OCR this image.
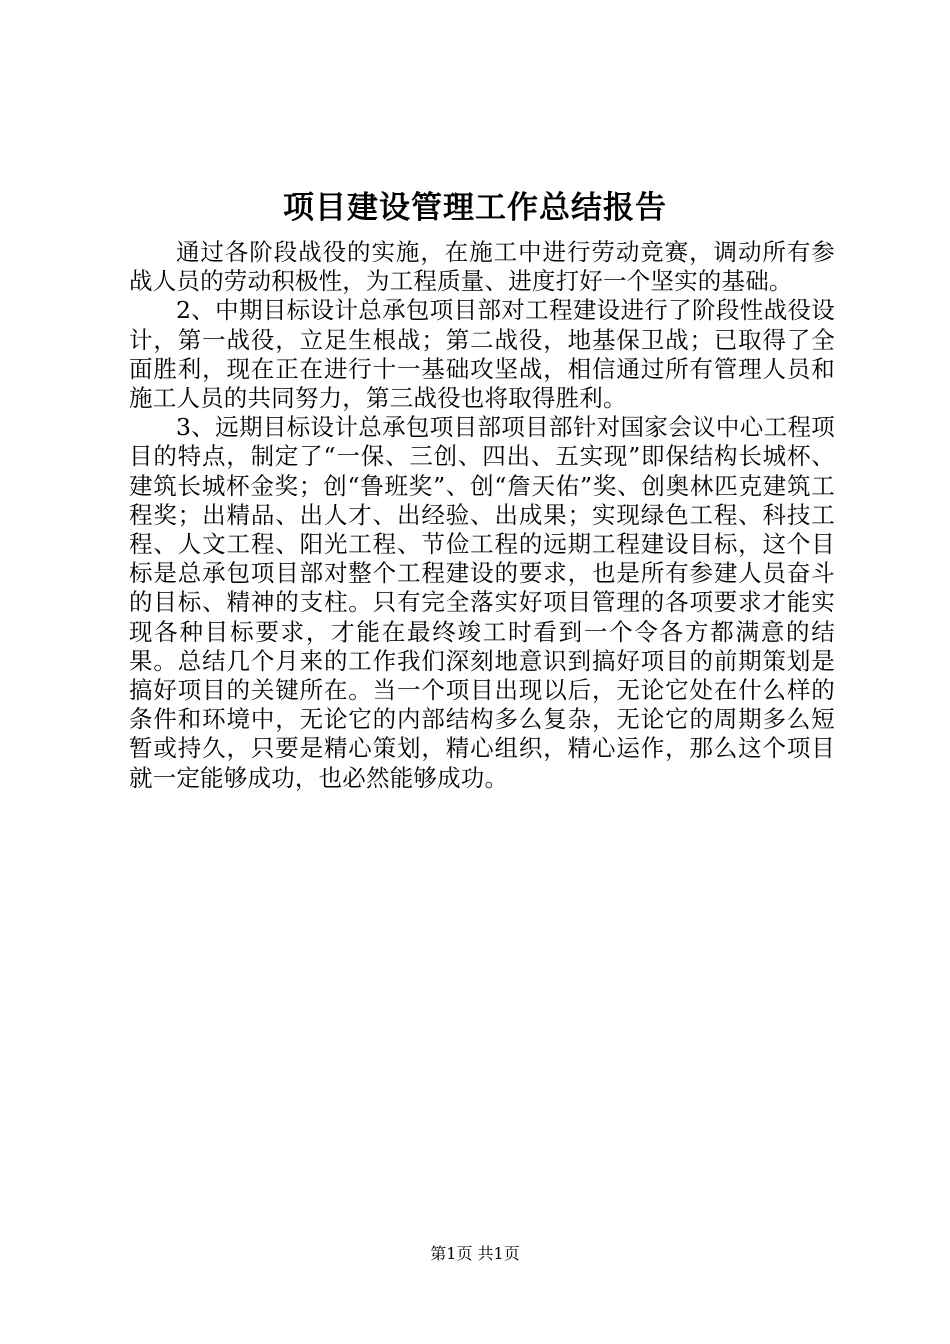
项目建设管理工作总结报告

通过各阶段战役的实施，在施工中进行劳动竞赛，调动所有参战人员的劳动积极性，为工程质量、进度打好一个坚实的基础。

2、中期目标设计总承包项目部对工程建设进行了阶段性战役设计，第一战役，立足生根战；第二战役，地基保卫战；已取得了全面胜利，现在正在进行十一基础攻坚战，相信通过所有管理人员和施工人员的共同努力，第三战役也将取得胜利。

3、远期目标设计总承包项目部项目部针对国家会议中心工程项目的特点，制定了“一保、三创、四出、五实现”即保结构长城杯、建筑长城杯金奖；创“鲁班奖”、创“詹天佑”奖、创奥林匹克建筑工程奖；出精品、出人才、出经验、出成果；实现绿色工程、科技工程、人文工程、阳光工程、节俭工程的远期工程建设目标，这个目标是总承包项目部对整个工程建设的要求，也是所有参建人员奋斗的目标、精神的支柱。只有完全落实好项目管理的各项要求才能实现各种目标要求，才能在最终竣工时看到一个令各方都满意的结果。总结几个月来的工作我们深刻地意识到搞好项目的前期策划是搞好项目的关键所在。当一个项目出现以后，无论它处在什么样的条件和环境中，无论它的内部结构多么复杂，无论它的周期多么短暂或持久，只要是精心策划，精心组织，精心运作，那么这个项目就一定能够成功，也必然能够成功。

第1页 共1页
